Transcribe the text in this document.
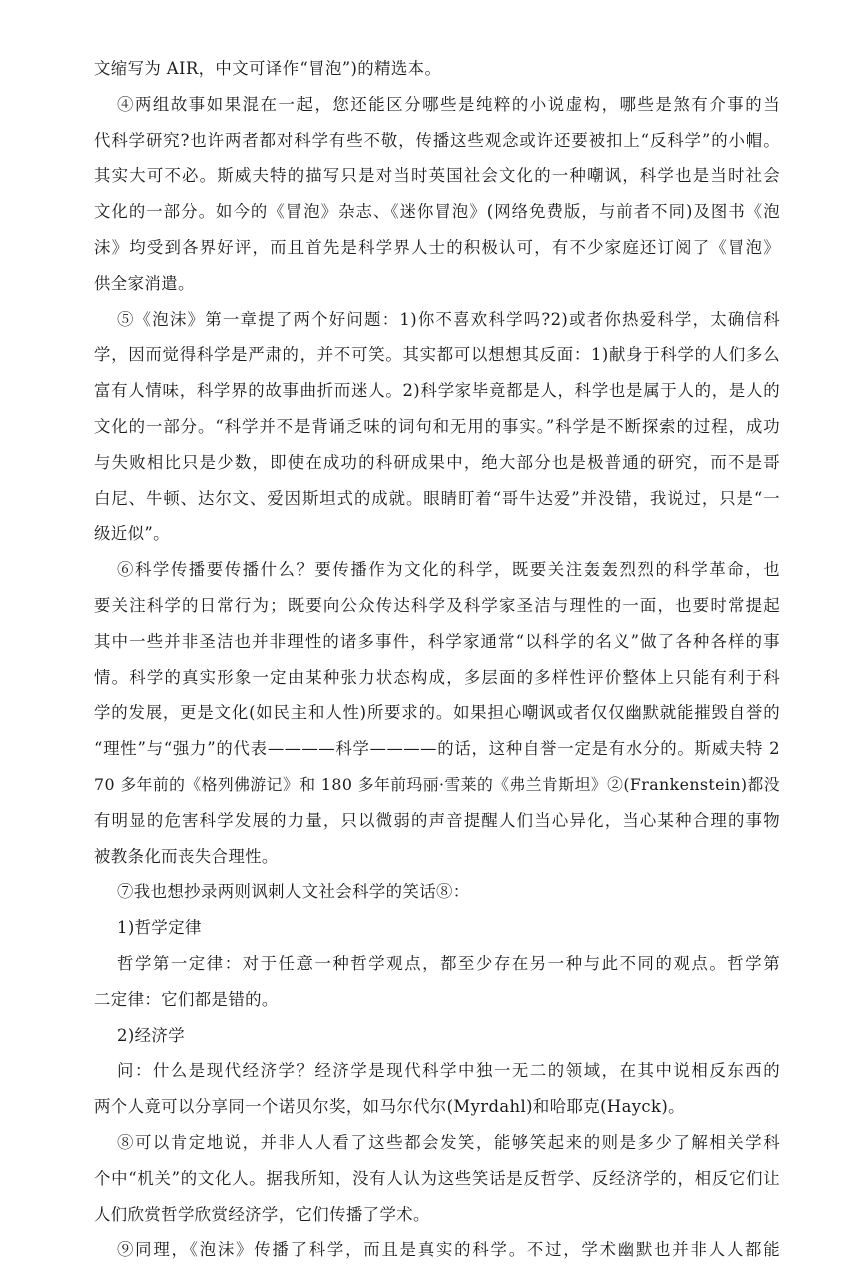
文缩写为 AIR，中文可译作“冒泡”)的精选本。
④两组故事如果混在一起，您还能区分哪些是纯粹的小说虚构，哪些是煞有介事的当
代科学研究?也许两者都对科学有些不敬，传播这些观念或许还要被扣上“反科学”的小帽。
其实大可不必。斯威夫特的描写只是对当时英国社会文化的一种嘲讽，科学也是当时社会
文化的一部分。如今的《冒泡》杂志、《迷你冒泡》(网络免费版，与前者不同)及图书《泡
沫》均受到各界好评，而且首先是科学界人士的积极认可，有不少家庭还订阅了《冒泡》
供全家消遣。
⑤《泡沫》第一章提了两个好问题：1)你不喜欢科学吗?2)或者你热爱科学，太确信科
学，因而觉得科学是严肃的，并不可笑。其实都可以想想其反面：1)献身于科学的人们多么
富有人情味，科学界的故事曲折而迷人。2)科学家毕竟都是人，科学也是属于人的，是人的
文化的一部分。“科学并不是背诵乏味的词句和无用的事实。”科学是不断探索的过程，成功
与失败相比只是少数，即使在成功的科研成果中，绝大部分也是极普通的研究，而不是哥
白尼、牛顿、达尔文、爱因斯坦式的成就。眼睛盯着“哥牛达爱”并没错，我说过，只是“一
级近似”。
⑥科学传播要传播什么？要传播作为文化的科学，既要关注轰轰烈烈的科学革命，也
要关注科学的日常行为；既要向公众传达科学及科学家圣洁与理性的一面，也要时常提起
其中一些并非圣洁也并非理性的诸多事件，科学家通常“以科学的名义”做了各种各样的事
情。科学的真实形象一定由某种张力状态构成，多层面的多样性评价整体上只能有利于科
学的发展，更是文化(如民主和人性)所要求的。如果担心嘲讽或者仅仅幽默就能摧毁自誉的
“理性”与“强力”的代表————科学————的话，这种自誉一定是有水分的。斯威夫特 2
70 多年前的《格列佛游记》和 180 多年前玛丽·雪莱的《弗兰肯斯坦》②(Frankenstein)都没
有明显的危害科学发展的力量，只以微弱的声音提醒人们当心异化，当心某种合理的事物
被教条化而丧失合理性。
⑦我也想抄录两则讽刺人文社会科学的笑话⑧：
1)哲学定律
哲学第一定律：对于任意一种哲学观点，都至少存在另一种与此不同的观点。哲学第
二定律：它们都是错的。
2)经济学
问：什么是现代经济学？经济学是现代科学中独一无二的领域，在其中说相反东西的
两个人竟可以分享同一个诺贝尔奖，如马尔代尔(Myrdahl)和哈耶克(Hayck)。
⑧可以肯定地说，并非人人看了这些都会发笑，能够笑起来的则是多少了解相关学科
个中“机关”的文化人。据我所知，没有人认为这些笑话是反哲学、反经济学的，相反它们让
人们欣赏哲学欣赏经济学，它们传播了学术。
⑨同理，《泡沫》传播了科学，而且是真实的科学。不过，学术幽默也并非人人都能
